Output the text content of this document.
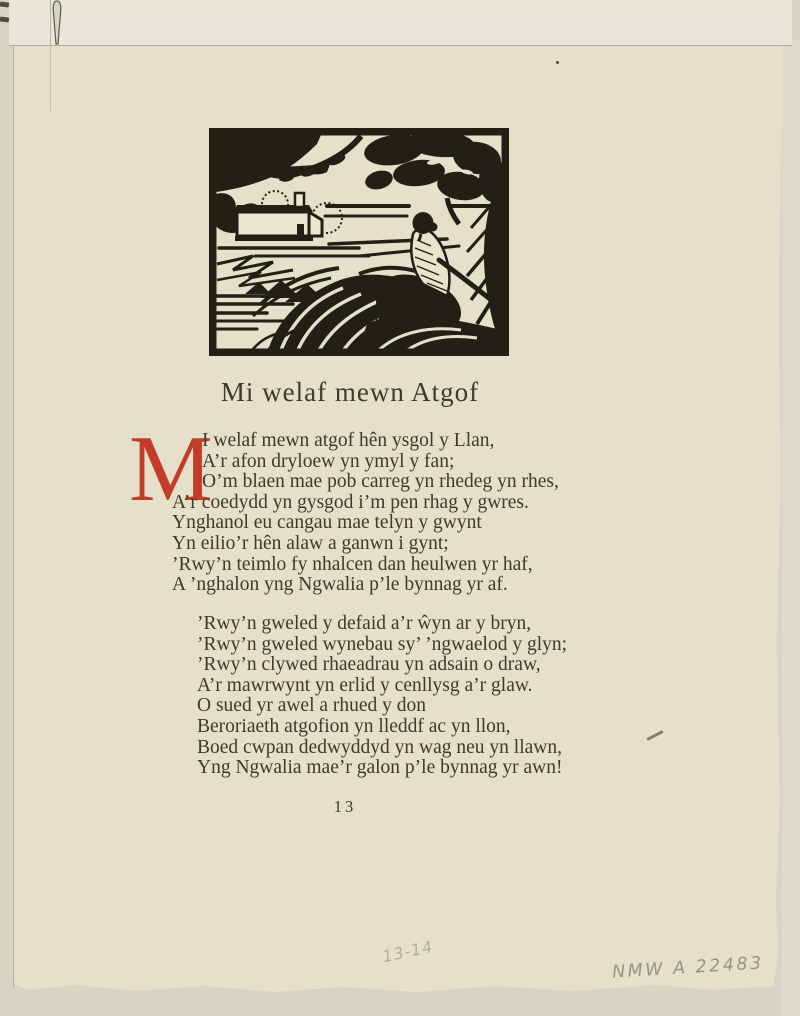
Mi welaf mewn Atgof
M
I welaf mewn atgof hên ysgol y Llan,
A’r afon dryloew yn ymyl y fan;
O’m blaen mae pob carreg yn rhedeg yn rhes,
A’r coedydd yn gysgod i’m pen rhag y gwres.
Ynghanol eu cangau mae telyn y gwynt
Yn eilio’r hên alaw a ganwn i gynt;
’Rwy’n teimlo fy nhalcen dan heulwen yr haf,
A ’nghalon yng Ngwalia p’le bynnag yr af.
’Rwy’n gweled y defaid a’r ŵyn ar y bryn,
’Rwy’n gweled wynebau sy’ ’ngwaelod y glyn;
’Rwy’n clywed rhaeadrau yn adsain o draw,
A’r mawrwynt yn erlid y cenllysg a’r glaw.
O sued yr awel a rhued y don
Beroriaeth atgofion yn lleddf ac yn llon,
Boed cwpan dedwyddyd yn wag neu yn llawn,
Yng Ngwalia mae’r galon p’le bynnag yr awn!
13
13-14
NMW A 22483
